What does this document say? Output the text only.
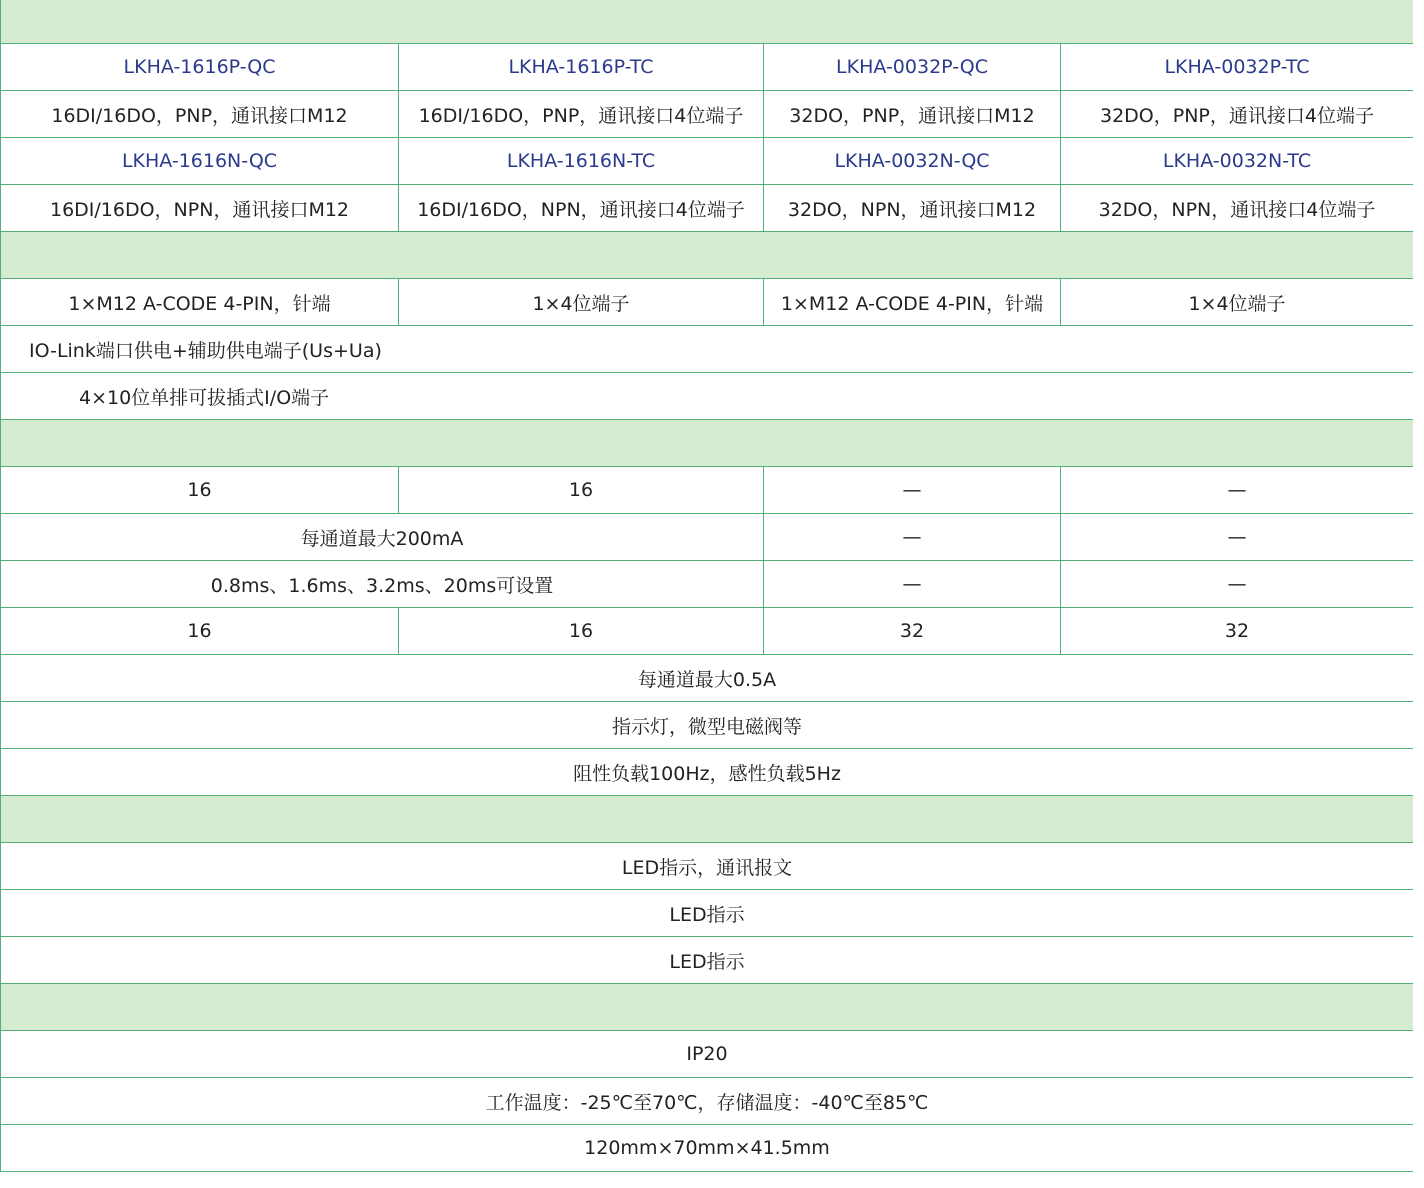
LKHA-1616P-QC	LKHA-1616P-TC	LKHA-0032P-QC	LKHA-0032P-TC
16DI/16DO，PNP，通讯接口M12	16DI/16DO，PNP，通讯接口4位端子	32DO，PNP，通讯接口M12	32DO，PNP，通讯接口4位端子
LKHA-1616N-QC	LKHA-1616N-TC	LKHA-0032N-QC	LKHA-0032N-TC
16DI/16DO，NPN，通讯接口M12	16DI/16DO，NPN，通讯接口4位端子	32DO，NPN，通讯接口M12	32DO，NPN，通讯接口4位端子

1×M12 A-CODE 4-PIN，针端	1×4位端子	1×M12 A-CODE 4-PIN，针端	1×4位端子
IO-Link端口供电+辅助供电端子(Us+Ua)			
4×10位单排可拔插式I/O端子			

16	16	—	—
每通道最大200mA		—	—
0.8ms、1.6ms、3.2ms、20ms可设置		—	—
16	16	32	32
每通道最大0.5A			
指示灯，微型电磁阀等			
阻性负载100Hz，感性负载5Hz			

LED指示，通讯报文			
LED指示			
LED指示			

IP20			
工作温度：-25℃至70℃，存储温度：-40℃至85℃			
120mm×70mm×41.5mm			
